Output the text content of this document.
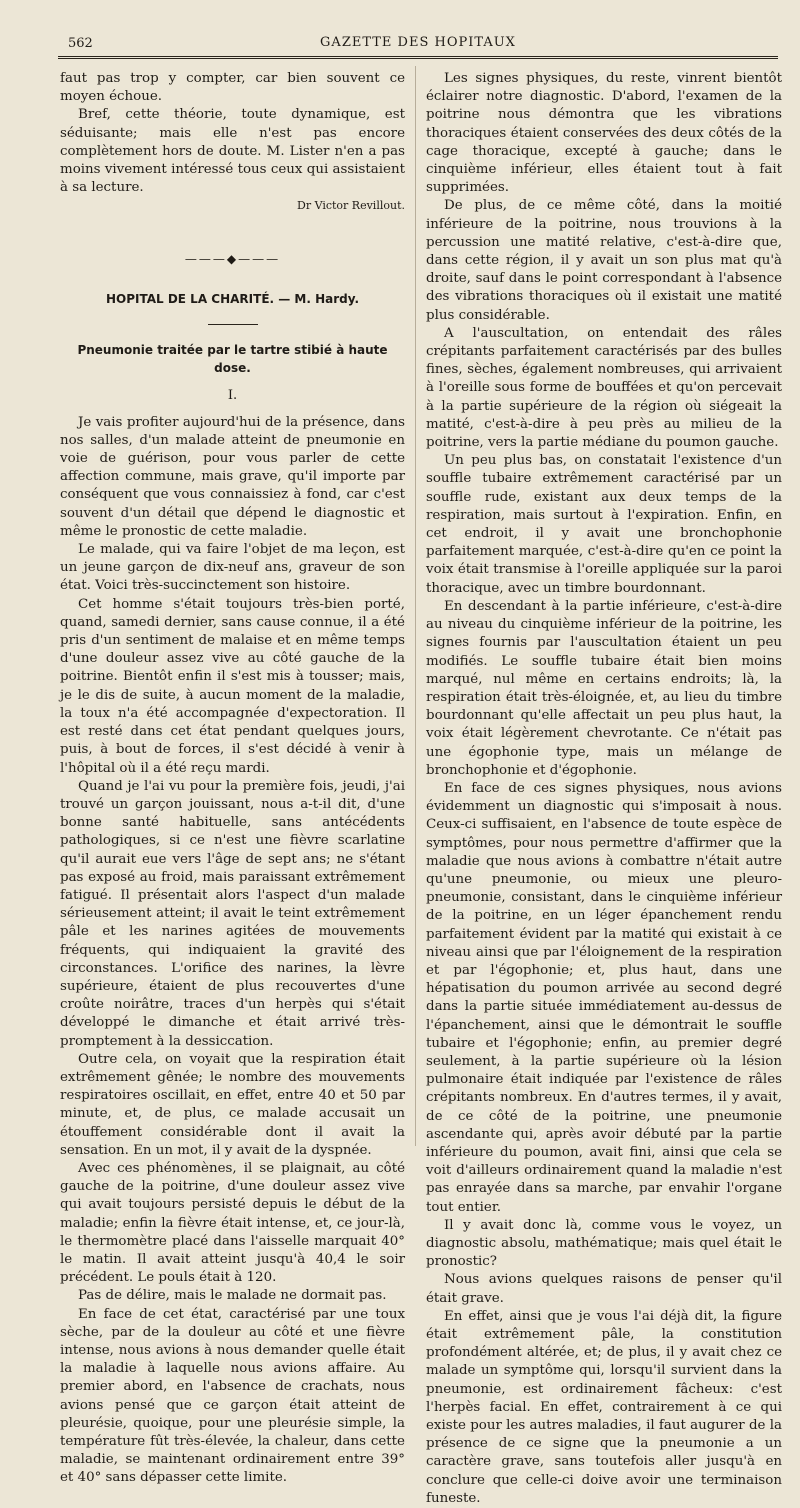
562	GAZETTE DES HOPITAUX

faut pas trop y compter, car bien souvent ce moyen échoue.

Bref, cette théorie, toute dynamique, est séduisante; mais elle n'est pas encore complètement hors de doute. M. Lister n'en a pas moins vivement intéressé tous ceux qui assistaient à sa lecture.

Dr Victor Revillout.
———◆———
HOPITAL DE LA CHARITÉ. — M. Hardy.
Pneumonie traitée par le tartre stibié à haute dose.
I.

Je vais profiter aujourd'hui de la présence, dans nos salles, d'un malade atteint de pneumonie en voie de guérison, pour vous parler de cette affection commune, mais grave, qu'il importe par conséquent que vous connaissiez à fond, car c'est souvent d'un détail que dépend le diagnostic et même le pronostic de cette maladie.

Le malade, qui va faire l'objet de ma leçon, est un jeune garçon de dix-neuf ans, graveur de son état. Voici très-succinctement son histoire.

Cet homme s'était toujours très-bien porté, quand, samedi dernier, sans cause connue, il a été pris d'un sentiment de malaise et en même temps d'une douleur assez vive au côté gauche de la poitrine. Bientôt enfin il s'est mis à tousser; mais, je le dis de suite, à aucun moment de la maladie, la toux n'a été accompagnée d'expectoration. Il est resté dans cet état pendant quelques jours, puis, à bout de forces, il s'est décidé à venir à l'hôpital où il a été reçu mardi.

Quand je l'ai vu pour la première fois, jeudi, j'ai trouvé un garçon jouissant, nous a-t-il dit, d'une bonne santé habituelle, sans antécédents pathologiques, si ce n'est une fièvre scarlatine qu'il aurait eue vers l'âge de sept ans; ne s'étant pas exposé au froid, mais paraissant extrêmement fatigué. Il présentait alors l'aspect d'un malade sérieusement atteint; il avait le teint extrêmement pâle et les narines agitées de mouvements fréquents, qui indiquaient la gravité des circonstances. L'orifice des narines, la lèvre supérieure, étaient de plus recouvertes d'une croûte noirâtre, traces d'un herpès qui s'était développé le dimanche et était arrivé très-promptement à la dessiccation.

Outre cela, on voyait que la respiration était extrêmement gênée; le nombre des mouvements respiratoires oscillait, en effet, entre 40 et 50 par minute, et, de plus, ce malade accusait un étouffement considérable dont il avait la sensation. En un mot, il y avait de la dyspnée.

Avec ces phénomènes, il se plaignait, au côté gauche de la poitrine, d'une douleur assez vive qui avait toujours persisté depuis le début de la maladie; enfin la fièvre était intense, et, ce jour-là, le thermomètre placé dans l'aisselle marquait 40° le matin. Il avait atteint jusqu'à 40,4 le soir précédent. Le pouls était à 120.

Pas de délire, mais le malade ne dormait pas.

En face de cet état, caractérisé par une toux sèche, par de la douleur au côté et une fièvre intense, nous avions à nous demander quelle était la maladie à laquelle nous avions affaire. Au premier abord, en l'absence de crachats, nous avions pensé que ce garçon était atteint de pleurésie, quoique, pour une pleurésie simple, la température fût très-élevée, la chaleur, dans cette maladie, se maintenant ordinairement entre 39° et 40° sans dépasser cette limite.

Les signes physiques, du reste, vinrent bientôt éclairer notre diagnostic. D'abord, l'examen de la poitrine nous démontra que les vibrations thoraciques étaient conservées des deux côtés de la cage thoracique, excepté à gauche; dans le cinquième inférieur, elles étaient tout à fait supprimées.

De plus, de ce même côté, dans la moitié inférieure de la poitrine, nous trouvions à la percussion une matité relative, c'est-à-dire que, dans cette région, il y avait un son plus mat qu'à droite, sauf dans le point correspondant à l'absence des vibrations thoraciques où il existait une matité plus considérable.

A l'auscultation, on entendait des râles crépitants parfaitement caractérisés par des bulles fines, sèches, également nombreuses, qui arrivaient à l'oreille sous forme de bouffées et qu'on percevait à la partie supérieure de la région où siégeait la matité, c'est-à-dire à peu près au milieu de la poitrine, vers la partie médiane du poumon gauche.

Un peu plus bas, on constatait l'existence d'un souffle tubaire extrêmement caractérisé par un souffle rude, existant aux deux temps de la respiration, mais surtout à l'expiration. Enfin, en cet endroit, il y avait une bronchophonie parfaitement marquée, c'est-à-dire qu'en ce point la voix était transmise à l'oreille appliquée sur la paroi thoracique, avec un timbre bourdonnant.

En descendant à la partie inférieure, c'est-à-dire au niveau du cinquième inférieur de la poitrine, les signes fournis par l'auscultation étaient un peu modifiés. Le souffle tubaire était bien moins marqué, nul même en certains endroits; là, la respiration était très-éloignée, et, au lieu du timbre bourdonnant qu'elle affectait un peu plus haut, la voix était légèrement chevrotante. Ce n'était pas une égophonie type, mais un mélange de bronchophonie et d'égophonie.

En face de ces signes physiques, nous avions évidemment un diagnostic qui s'imposait à nous. Ceux-ci suffisaient, en l'absence de toute espèce de symptômes, pour nous permettre d'affirmer que la maladie que nous avions à combattre n'était autre qu'une pneumonie, ou mieux une pleuro-pneumonie, consistant, dans le cinquième inférieur de la poitrine, en un léger épanchement rendu parfaitement évident par la matité qui existait à ce niveau ainsi que par l'éloignement de la respiration et par l'égophonie; et, plus haut, dans une hépatisation du poumon arrivée au second degré dans la partie située immédiatement au-dessus de l'épanchement, ainsi que le démontrait le souffle tubaire et l'égophonie; enfin, au premier degré seulement, à la partie supérieure où la lésion pulmonaire était indiquée par l'existence de râles crépitants nombreux. En d'autres termes, il y avait, de ce côté de la poitrine, une pneumonie ascendante qui, après avoir débuté par la partie inférieure du poumon, avait fini, ainsi que cela se voit d'ailleurs ordinairement quand la maladie n'est pas enrayée dans sa marche, par envahir l'organe tout entier.

Il y avait donc là, comme vous le voyez, un diagnostic absolu, mathématique; mais quel était le pronostic?

Nous avions quelques raisons de penser qu'il était grave.

En effet, ainsi que je vous l'ai déjà dit, la figure était extrêmement pâle, la constitution profondément altérée, et; de plus, il y avait chez ce malade un symptôme qui, lorsqu'il survient dans la pneumonie, est ordinairement fâcheux: c'est l'herpès facial. En effet, contrairement à ce qui existe pour les autres maladies, il faut augurer de la présence de ce signe que la pneumonie a un caractère grave, sans toutefois aller jusqu'à en conclure que celle-ci doive avoir une terminaison funeste.
